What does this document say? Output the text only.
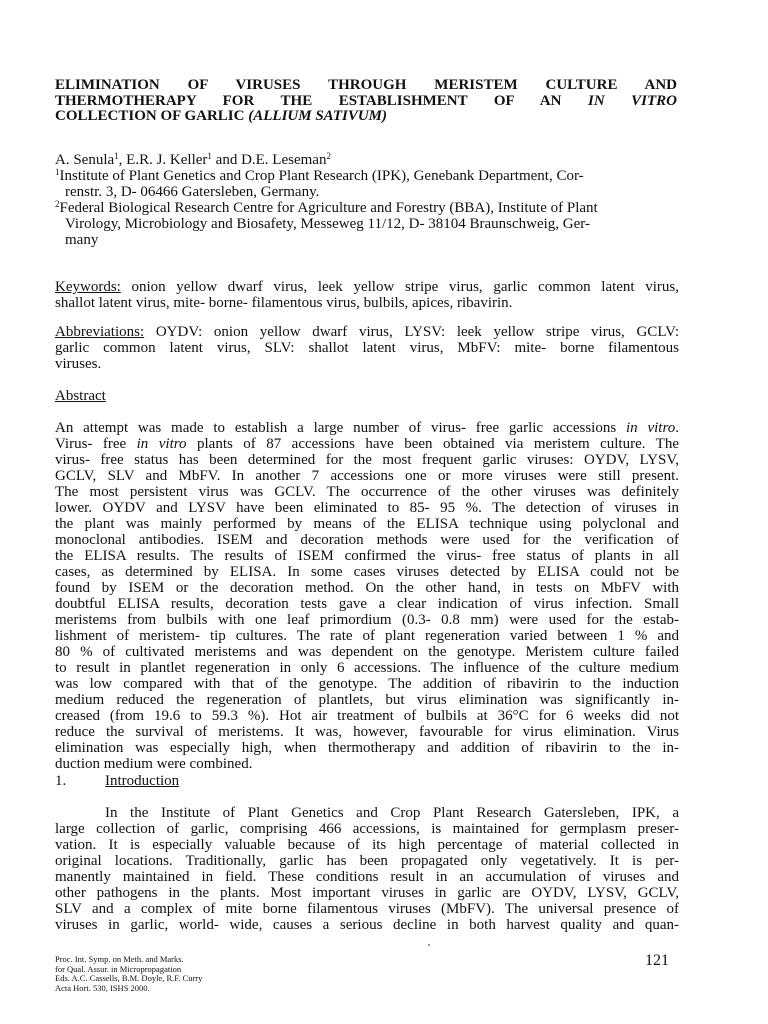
ELIMINATION OF VIRUSES THROUGH MERISTEM CULTURE AND
THERMOTHERAPY FOR THE ESTABLISHMENT OF AN IN VITRO
COLLECTION OF GARLIC (ALLIUM SATIVUM)
A. Senula$^1$, E.R. J. Keller$^1$ and D.E. Leseman$^2$
$^1$Institute of Plant Genetics and Crop Plant Research (IPK), Genebank Department, Cor-
renstr. 3, D- 06466 Gatersleben, Germany.
$^2$Federal Biological Research Centre for Agriculture and Forestry (BBA), Institute of Plant
Virology, Microbiology and Biosafety, Messeweg 11/12, D- 38104 Braunschweig, Ger-
many
Keywords: onion yellow dwarf virus, leek yellow stripe virus, garlic common latent virus,
shallot latent virus, mite- borne- filamentous virus, bulbils, apices, ribavirin.
Abbreviations: OYDV: onion yellow dwarf virus, LYSV: leek yellow stripe virus, GCLV:
garlic common latent virus, SLV: shallot latent virus, MbFV: mite- borne filamentous
viruses.
Abstract
An attempt was made to establish a large number of virus- free garlic accessions in vitro.
Virus- free in vitro plants of 87 accessions have been obtained via meristem culture. The
virus- free status has been determined for the most frequent garlic viruses: OYDV, LYSV,
GCLV, SLV and MbFV. In another 7 accessions one or more viruses were still present.
The most persistent virus was GCLV. The occurrence of the other viruses was definitely
lower. OYDV and LYSV have been eliminated to 85- 95 %. The detection of viruses in
the plant was mainly performed by means of the ELISA technique using polyclonal and
monoclonal antibodies. ISEM and decoration methods were used for the verification of
the ELISA results. The results of ISEM confirmed the virus- free status of plants in all
cases, as determined by ELISA. In some cases viruses detected by ELISA could not be
found by ISEM or the decoration method. On the other hand, in tests on MbFV with
doubtful ELISA results, decoration tests gave a clear indication of virus infection. Small
meristems from bulbils with one leaf primordium (0.3- 0.8 mm) were used for the estab-
lishment of meristem- tip cultures. The rate of plant regeneration varied between 1 % and
80 % of cultivated meristems and was dependent on the genotype. Meristem culture failed
to result in plantlet regeneration in only 6 accessions. The influence of the culture medium
was low compared with that of the genotype. The addition of ribavirin to the induction
medium reduced the regeneration of plantlets, but virus elimination was significantly in-
creased (from 19.6 to 59.3 %). Hot air treatment of bulbils at 36°C for 6 weeks did not
reduce the survival of meristems. It was, however, favourable for virus elimination. Virus
elimination was especially high, when thermotherapy and addition of ribavirin to the in-
duction medium were combined.
1.	Introduction
In the Institute of Plant Genetics and Crop Plant Research Gatersleben, IPK, a
large collection of garlic, comprising 466 accessions, is maintained for germplasm preser-
vation. It is especially valuable because of its high percentage of material collected in
original locations. Traditionally, garlic has been propagated only vegetatively. It is per-
manently maintained in field. These conditions result in an accumulation of viruses and
other pathogens in the plants. Most important viruses in garlic are OYDV, LYSV, GCLV,
SLV and a complex of mite borne filamentous viruses (MbFV). The universal presence of
viruses in garlic, world- wide, causes a serious decline in both harvest quality and quan-
Proc. Int. Symp. on Meth. and Marks.
for Qual. Assur. in Micropropagation
Eds. A.C. Cassells, B.M. Doyle, R.F. Curry
Acta Hort. 530, ISHS 2000.
121
